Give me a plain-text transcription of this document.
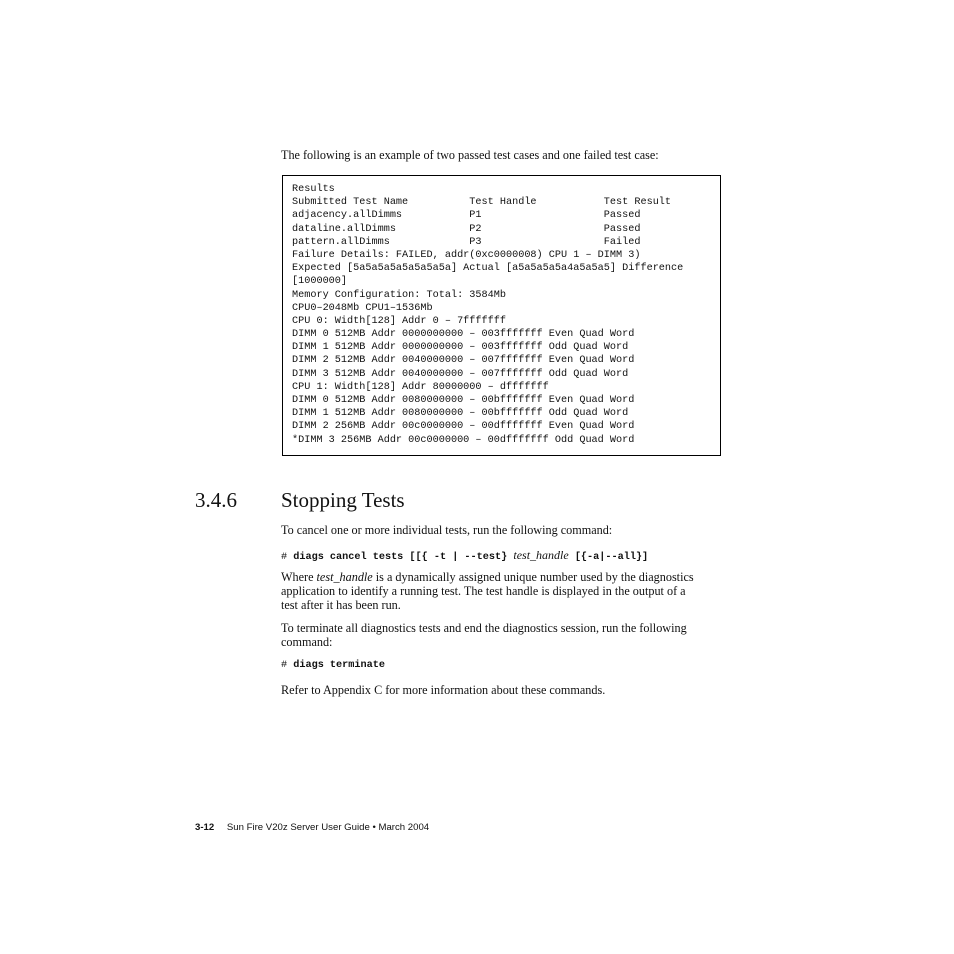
The following is an example of two passed test cases and one failed test case:
Results
Submitted Test Name          Test Handle           Test Result
adjacency.allDimms           P1                    Passed
dataline.allDimms            P2                    Passed
pattern.allDimms             P3                    Failed
Failure Details: FAILED, addr(0xc0000008) CPU 1 – DIMM 3)
Expected [5a5a5a5a5a5a5a5a] Actual [a5a5a5a5a4a5a5a5] Difference
[1000000]
Memory Configuration: Total: 3584Mb
CPU0–2048Mb CPU1–1536Mb
CPU 0: Width[128] Addr 0 – 7fffffff
DIMM 0 512MB Addr 0000000000 – 003fffffff Even Quad Word
DIMM 1 512MB Addr 0000000000 – 003fffffff Odd Quad Word
DIMM 2 512MB Addr 0040000000 – 007fffffff Even Quad Word
DIMM 3 512MB Addr 0040000000 – 007fffffff Odd Quad Word
CPU 1: Width[128] Addr 80000000 – dfffffff
DIMM 0 512MB Addr 0080000000 – 00bfffffff Even Quad Word
DIMM 1 512MB Addr 0080000000 – 00bfffffff Odd Quad Word
DIMM 2 256MB Addr 00c0000000 – 00dfffffff Even Quad Word
*DIMM 3 256MB Addr 00c0000000 – 00dfffffff Odd Quad Word
3.4.6 Stopping Tests
To cancel one or more individual tests, run the following command:
# diags cancel tests [[{ -t | --test} test_handle [{-a|--all}]
Where test_handle is a dynamically assigned unique number used by the diagnostics
application to identify a running test. The test handle is displayed in the output of a
test after it has been run.
To terminate all diagnostics tests and end the diagnostics session, run the following
command:
# diags terminate
Refer to Appendix C for more information about these commands.
3-12 Sun Fire V20z Server User Guide • March 2004
